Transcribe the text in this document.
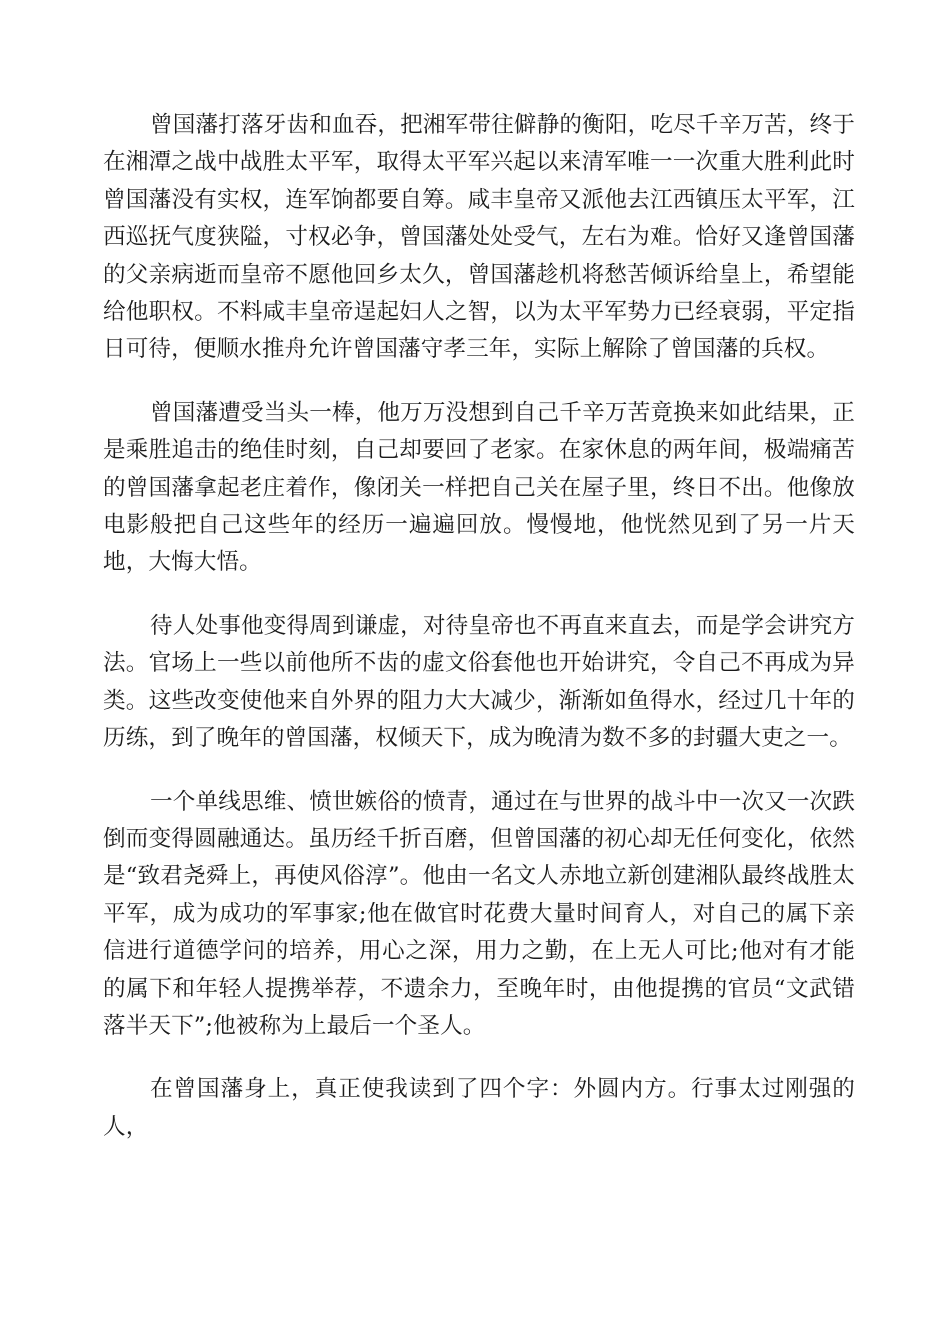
曾国藩打落牙齿和血吞，把湘军带往僻静的衡阳，吃尽千辛万苦，终于在湘潭之战中战胜太平军，取得太平军兴起以来清军唯一一次重大胜利此时曾国藩没有实权，连军饷都要自筹。咸丰皇帝又派他去江西镇压太平军，江西巡抚气度狭隘，寸权必争，曾国藩处处受气，左右为难。恰好又逢曾国藩的父亲病逝而皇帝不愿他回乡太久，曾国藩趁机将愁苦倾诉给皇上，希望能给他职权。不料咸丰皇帝逞起妇人之智，以为太平军势力已经衰弱，平定指日可待，便顺水推舟允许曾国藩守孝三年，实际上解除了曾国藩的兵权。

曾国藩遭受当头一棒，他万万没想到自己千辛万苦竟换来如此结果，正是乘胜追击的绝佳时刻，自己却要回了老家。在家休息的两年间，极端痛苦的曾国藩拿起老庄着作，像闭关一样把自己关在屋子里，终日不出。他像放电影般把自己这些年的经历一遍遍回放。慢慢地，他恍然见到了另一片天地，大悔大悟。

待人处事他变得周到谦虚，对待皇帝也不再直来直去，而是学会讲究方法。官场上一些以前他所不齿的虚文俗套他也开始讲究，令自己不再成为异类。这些改变使他来自外界的阻力大大减少，渐渐如鱼得水，经过几十年的历练，到了晚年的曾国藩，权倾天下，成为晚清为数不多的封疆大吏之一。

一个单线思维、愤世嫉俗的愤青，通过在与世界的战斗中一次又一次跌倒而变得圆融通达。虽历经千折百磨，但曾国藩的初心却无任何变化，依然是“致君尧舜上，再使风俗淳”。他由一名文人赤地立新创建湘队最终战胜太平军，成为成功的军事家;他在做官时花费大量时间育人，对自己的属下亲信进行道德学问的培养，用心之深，用力之勤，在上无人可比;他对有才能的属下和年轻人提携举荐，不遗余力，至晚年时，由他提携的官员“文武错落半天下”;他被称为上最后一个圣人。

在曾国藩身上，真正使我读到了四个字：外圆内方。行事太过刚强的人，
